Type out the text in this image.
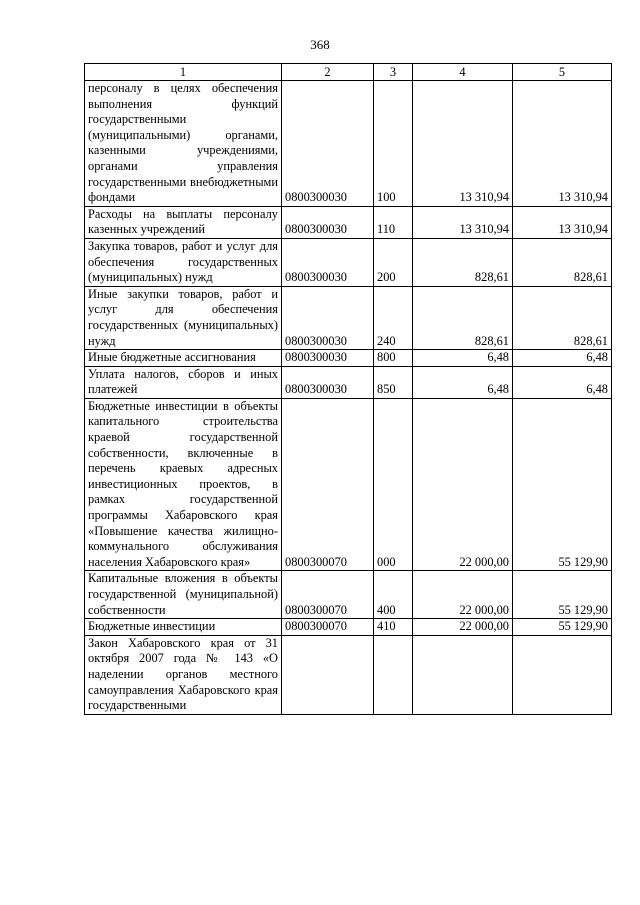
368
1	2	3	4	5
персоналу в целях обеспечения выполнения функций государственными (муниципальными) органами, казенными учреждениями, органами управления государственными внебюджетными фондами	0800300030	100	13 310,94	13 310,94
Расходы на выплаты персоналу казенных учреждений	0800300030	110	13 310,94	13 310,94
Закупка товаров, работ и услуг для обеспечения государственных (муниципальных) нужд	0800300030	200	828,61	828,61
Иные закупки товаров, работ и услуг для обеспечения государственных (муниципальных) нужд	0800300030	240	828,61	828,61
Иные бюджетные ассигнования	0800300030	800	6,48	6,48
Уплата налогов, сборов и иных платежей	0800300030	850	6,48	6,48
Бюджетные инвестиции в объекты капитального строительства краевой государственной собственности, включенные в перечень краевых адресных инвестиционных проектов, в рамках государственной программы Хабаровского края «Повышение качества жилищно-коммунального обслуживания населения Хабаровского края»	0800300070	000	22 000,00	55 129,90
Капитальные вложения в объекты государственной (муниципальной) собственности	0800300070	400	22 000,00	55 129,90
Бюджетные инвестиции	0800300070	410	22 000,00	55 129,90
Закон Хабаровского края от 31 октября 2007 года № 143 «О наделении органов местного самоуправления Хабаровского края государственными				
